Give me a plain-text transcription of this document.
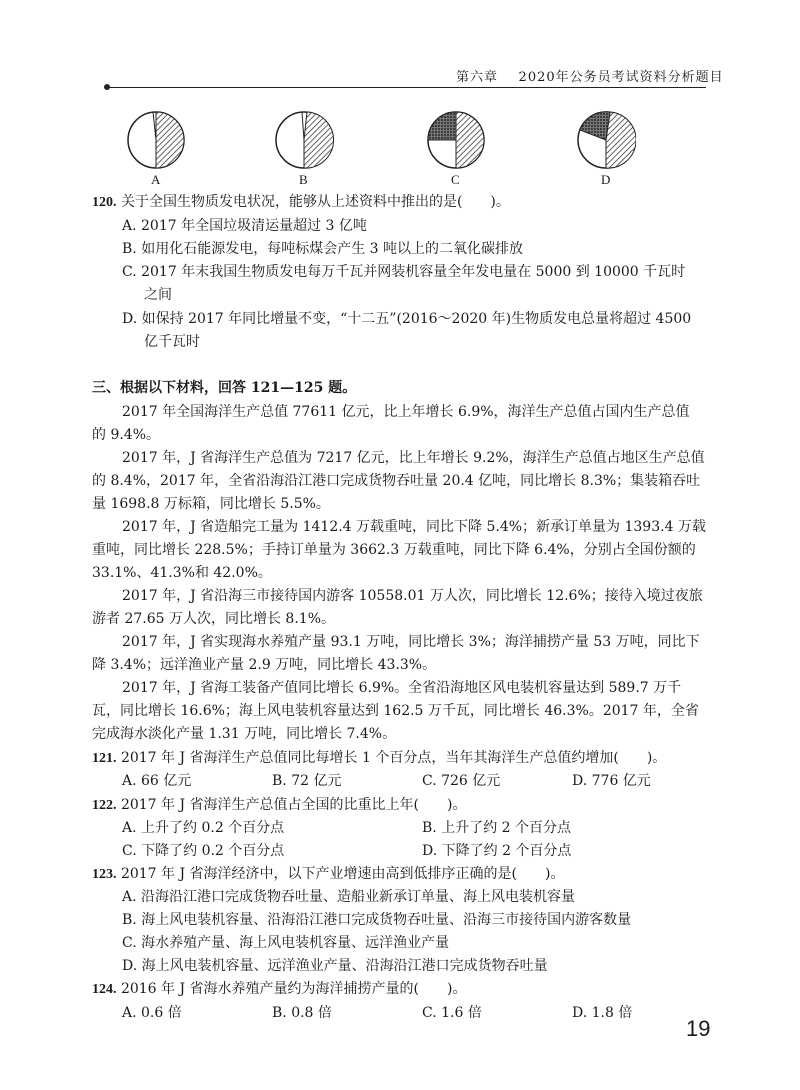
第六章 2020年公务员考试资料分析题目
A	B	C	D
120. 关于全国生物质发电状况，能够从上述资料中推出的是(　　)。
A. 2017 年全国垃圾清运量超过 3 亿吨
B. 如用化石能源发电，每吨标煤会产生 3 吨以上的二氧化碳排放
C. 2017 年末我国生物质发电每万千瓦并网装机容量全年发电量在 5000 到 10000 千瓦时
之间
D. 如保持 2017 年同比增量不变，“十二五”(2016～2020 年)生物质发电总量将超过 4500
亿千瓦时
三、根据以下材料，回答 121—125 题。
2017 年全国海洋生产总值 77611 亿元，比上年增长 6.9%，海洋生产总值占国内生产总值
的 9.4%。
2017 年，J 省海洋生产总值为 7217 亿元，比上年增长 9.2%，海洋生产总值占地区生产总值
的 8.4%，2017 年，全省沿海沿江港口完成货物吞吐量 20.4 亿吨，同比增长 8.3%；集装箱吞吐
量 1698.8 万标箱，同比增长 5.5%。
2017 年，J 省造船完工量为 1412.4 万载重吨，同比下降 5.4%；新承订单量为 1393.4 万载
重吨，同比增长 228.5%；手持订单量为 3662.3 万载重吨，同比下降 6.4%，分别占全国份额的
33.1%、41.3%和 42.0%。
2017 年，J 省沿海三市接待国内游客 10558.01 万人次，同比增长 12.6%；接待入境过夜旅
游者 27.65 万人次，同比增长 8.1%。
2017 年，J 省实现海水养殖产量 93.1 万吨，同比增长 3%；海洋捕捞产量 53 万吨，同比下
降 3.4%；远洋渔业产量 2.9 万吨，同比增长 43.3%。
2017 年，J 省海工装备产值同比增长 6.9%。全省沿海地区风电装机容量达到 589.7 万千
瓦，同比增长 16.6%；海上风电装机容量达到 162.5 万千瓦，同比增长 46.3%。2017 年，全省
完成海水淡化产量 1.31 万吨，同比增长 7.4%。
121. 2017 年 J 省海洋生产总值同比每增长 1 个百分点，当年其海洋生产总值约增加(　　)。
A. 66 亿元	B. 72 亿元	C. 726 亿元	D. 776 亿元
122. 2017 年 J 省海洋生产总值占全国的比重比上年(　　)。
A. 上升了约 0.2 个百分点	B. 上升了约 2 个百分点
C. 下降了约 0.2 个百分点	D. 下降了约 2 个百分点
123. 2017 年 J 省海洋经济中，以下产业增速由高到低排序正确的是(　　)。
A. 沿海沿江港口完成货物吞吐量、造船业新承订单量、海上风电装机容量
B. 海上风电装机容量、沿海沿江港口完成货物吞吐量、沿海三市接待国内游客数量
C. 海水养殖产量、海上风电装机容量、远洋渔业产量
D. 海上风电装机容量、远洋渔业产量、沿海沿江港口完成货物吞吐量
124. 2016 年 J 省海水养殖产量约为海洋捕捞产量的(　　)。
A. 0.6 倍	B. 0.8 倍	C. 1.6 倍	D. 1.8 倍
19
